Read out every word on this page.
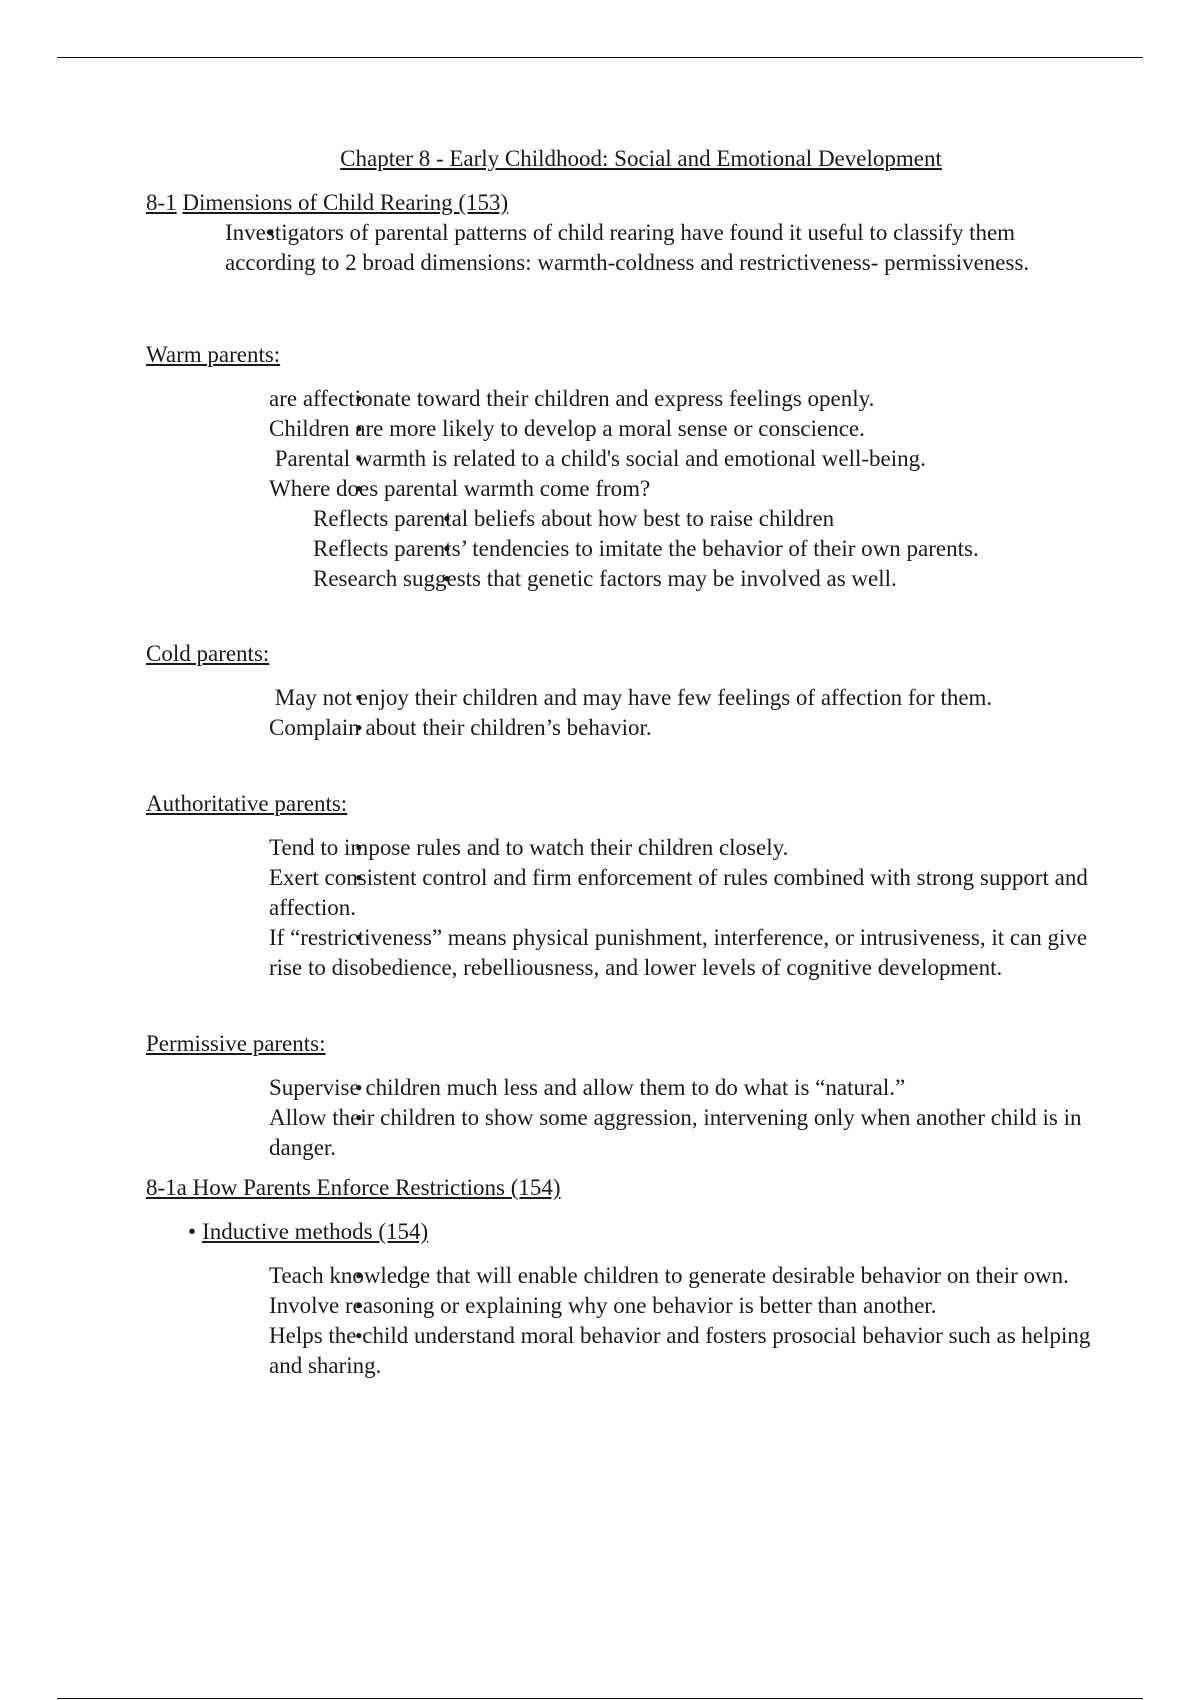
Chapter 8 - Early Childhood: Social and Emotional Development
8-1 Dimensions of Child Rearing (153)
• Investigators of parental patterns of child rearing have found it useful to classify them according to 2 broad dimensions: warmth-coldness and restrictiveness- permissiveness.
Warm parents:
• are affectionate toward their children and express feelings openly.
• Children are more likely to develop a moral sense or conscience.
•  Parental warmth is related to a child's social and emotional well-being.
• Where does parental warmth come from?
• Reflects parental beliefs about how best to raise children
• Reflects parents’ tendencies to imitate the behavior of their own parents.
• Research suggests that genetic factors may be involved as well.
Cold parents:
•  May not enjoy their children and may have few feelings of affection for them.
• Complain about their children’s behavior.
Authoritative parents:
• Tend to impose rules and to watch their children closely.
• Exert consistent control and firm enforcement of rules combined with strong support and affection.
• If “restrictiveness” means physical punishment, interference, or intrusiveness, it can give rise to disobedience, rebelliousness, and lower levels of cognitive development.
Permissive parents:
• Supervise children much less and allow them to do what is “natural.”
• Allow their children to show some aggression, intervening only when another child is in danger.
8-1a How Parents Enforce Restrictions (154)
• Inductive methods (154)
• Teach knowledge that will enable children to generate desirable behavior on their own.
• Involve reasoning or explaining why one behavior is better than another.
• Helps the child understand moral behavior and fosters prosocial behavior such as helping and sharing.
